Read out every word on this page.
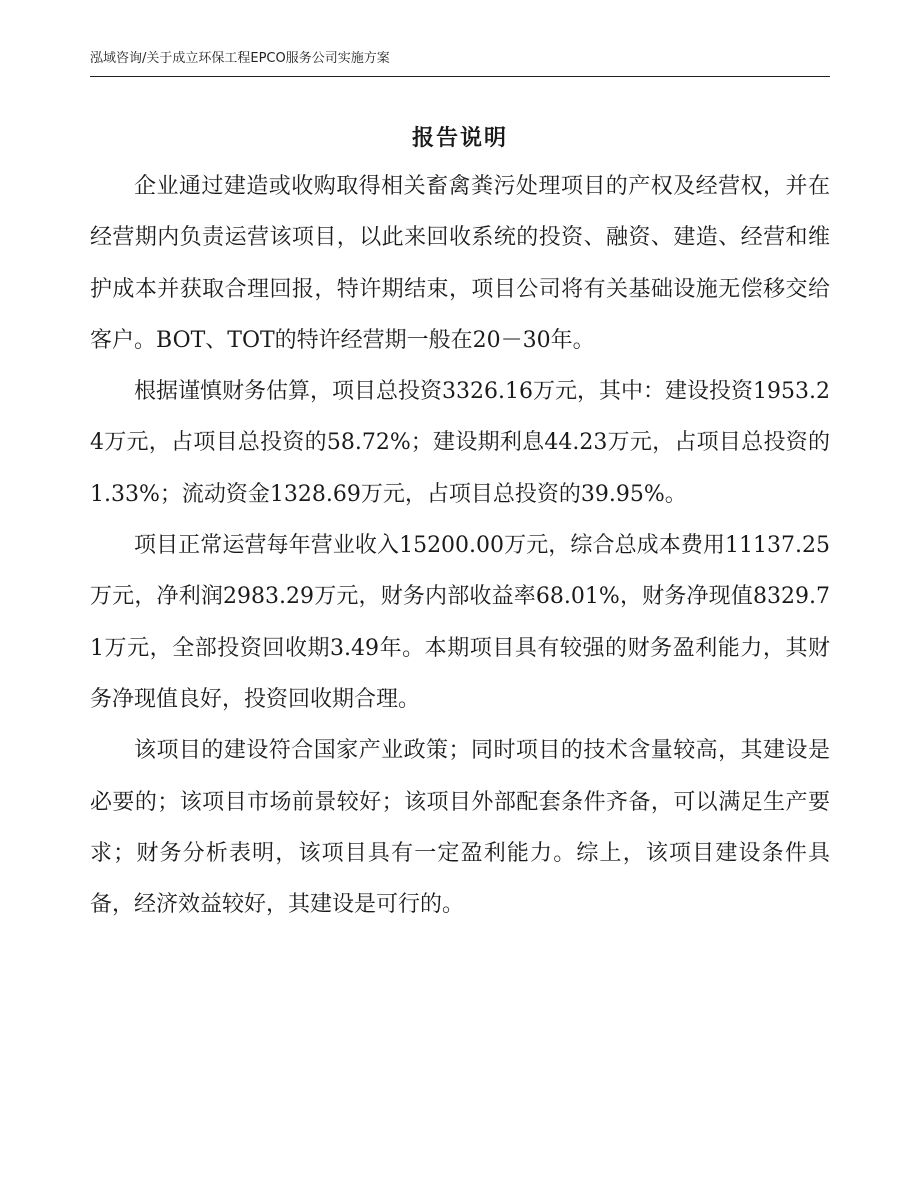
泓域咨询/关于成立环保工程EPCO服务公司实施方案
报告说明

企业通过建造或收购取得相关畜禽粪污处理项目的产权及经营权，并在经营期内负责运营该项目，以此来回收系统的投资、融资、建造、经营和维护成本并获取合理回报，特许期结束，项目公司将有关基础设施无偿移交给客户。BOT、TOT的特许经营期一般在20－30年。

根据谨慎财务估算，项目总投资3326.16万元，其中：建设投资1953.24万元，占项目总投资的58.72%；建设期利息44.23万元，占项目总投资的1.33%；流动资金1328.69万元，占项目总投资的39.95%。

项目正常运营每年营业收入15200.00万元，综合总成本费用11137.25万元，净利润2983.29万元，财务内部收益率68.01%，财务净现值8329.71万元，全部投资回收期3.49年。本期项目具有较强的财务盈利能力，其财务净现值良好，投资回收期合理。

该项目的建设符合国家产业政策；同时项目的技术含量较高，其建设是必要的；该项目市场前景较好；该项目外部配套条件齐备，可以满足生产要求；财务分析表明，该项目具有一定盈利能力。综上，该项目建设条件具备，经济效益较好，其建设是可行的。
